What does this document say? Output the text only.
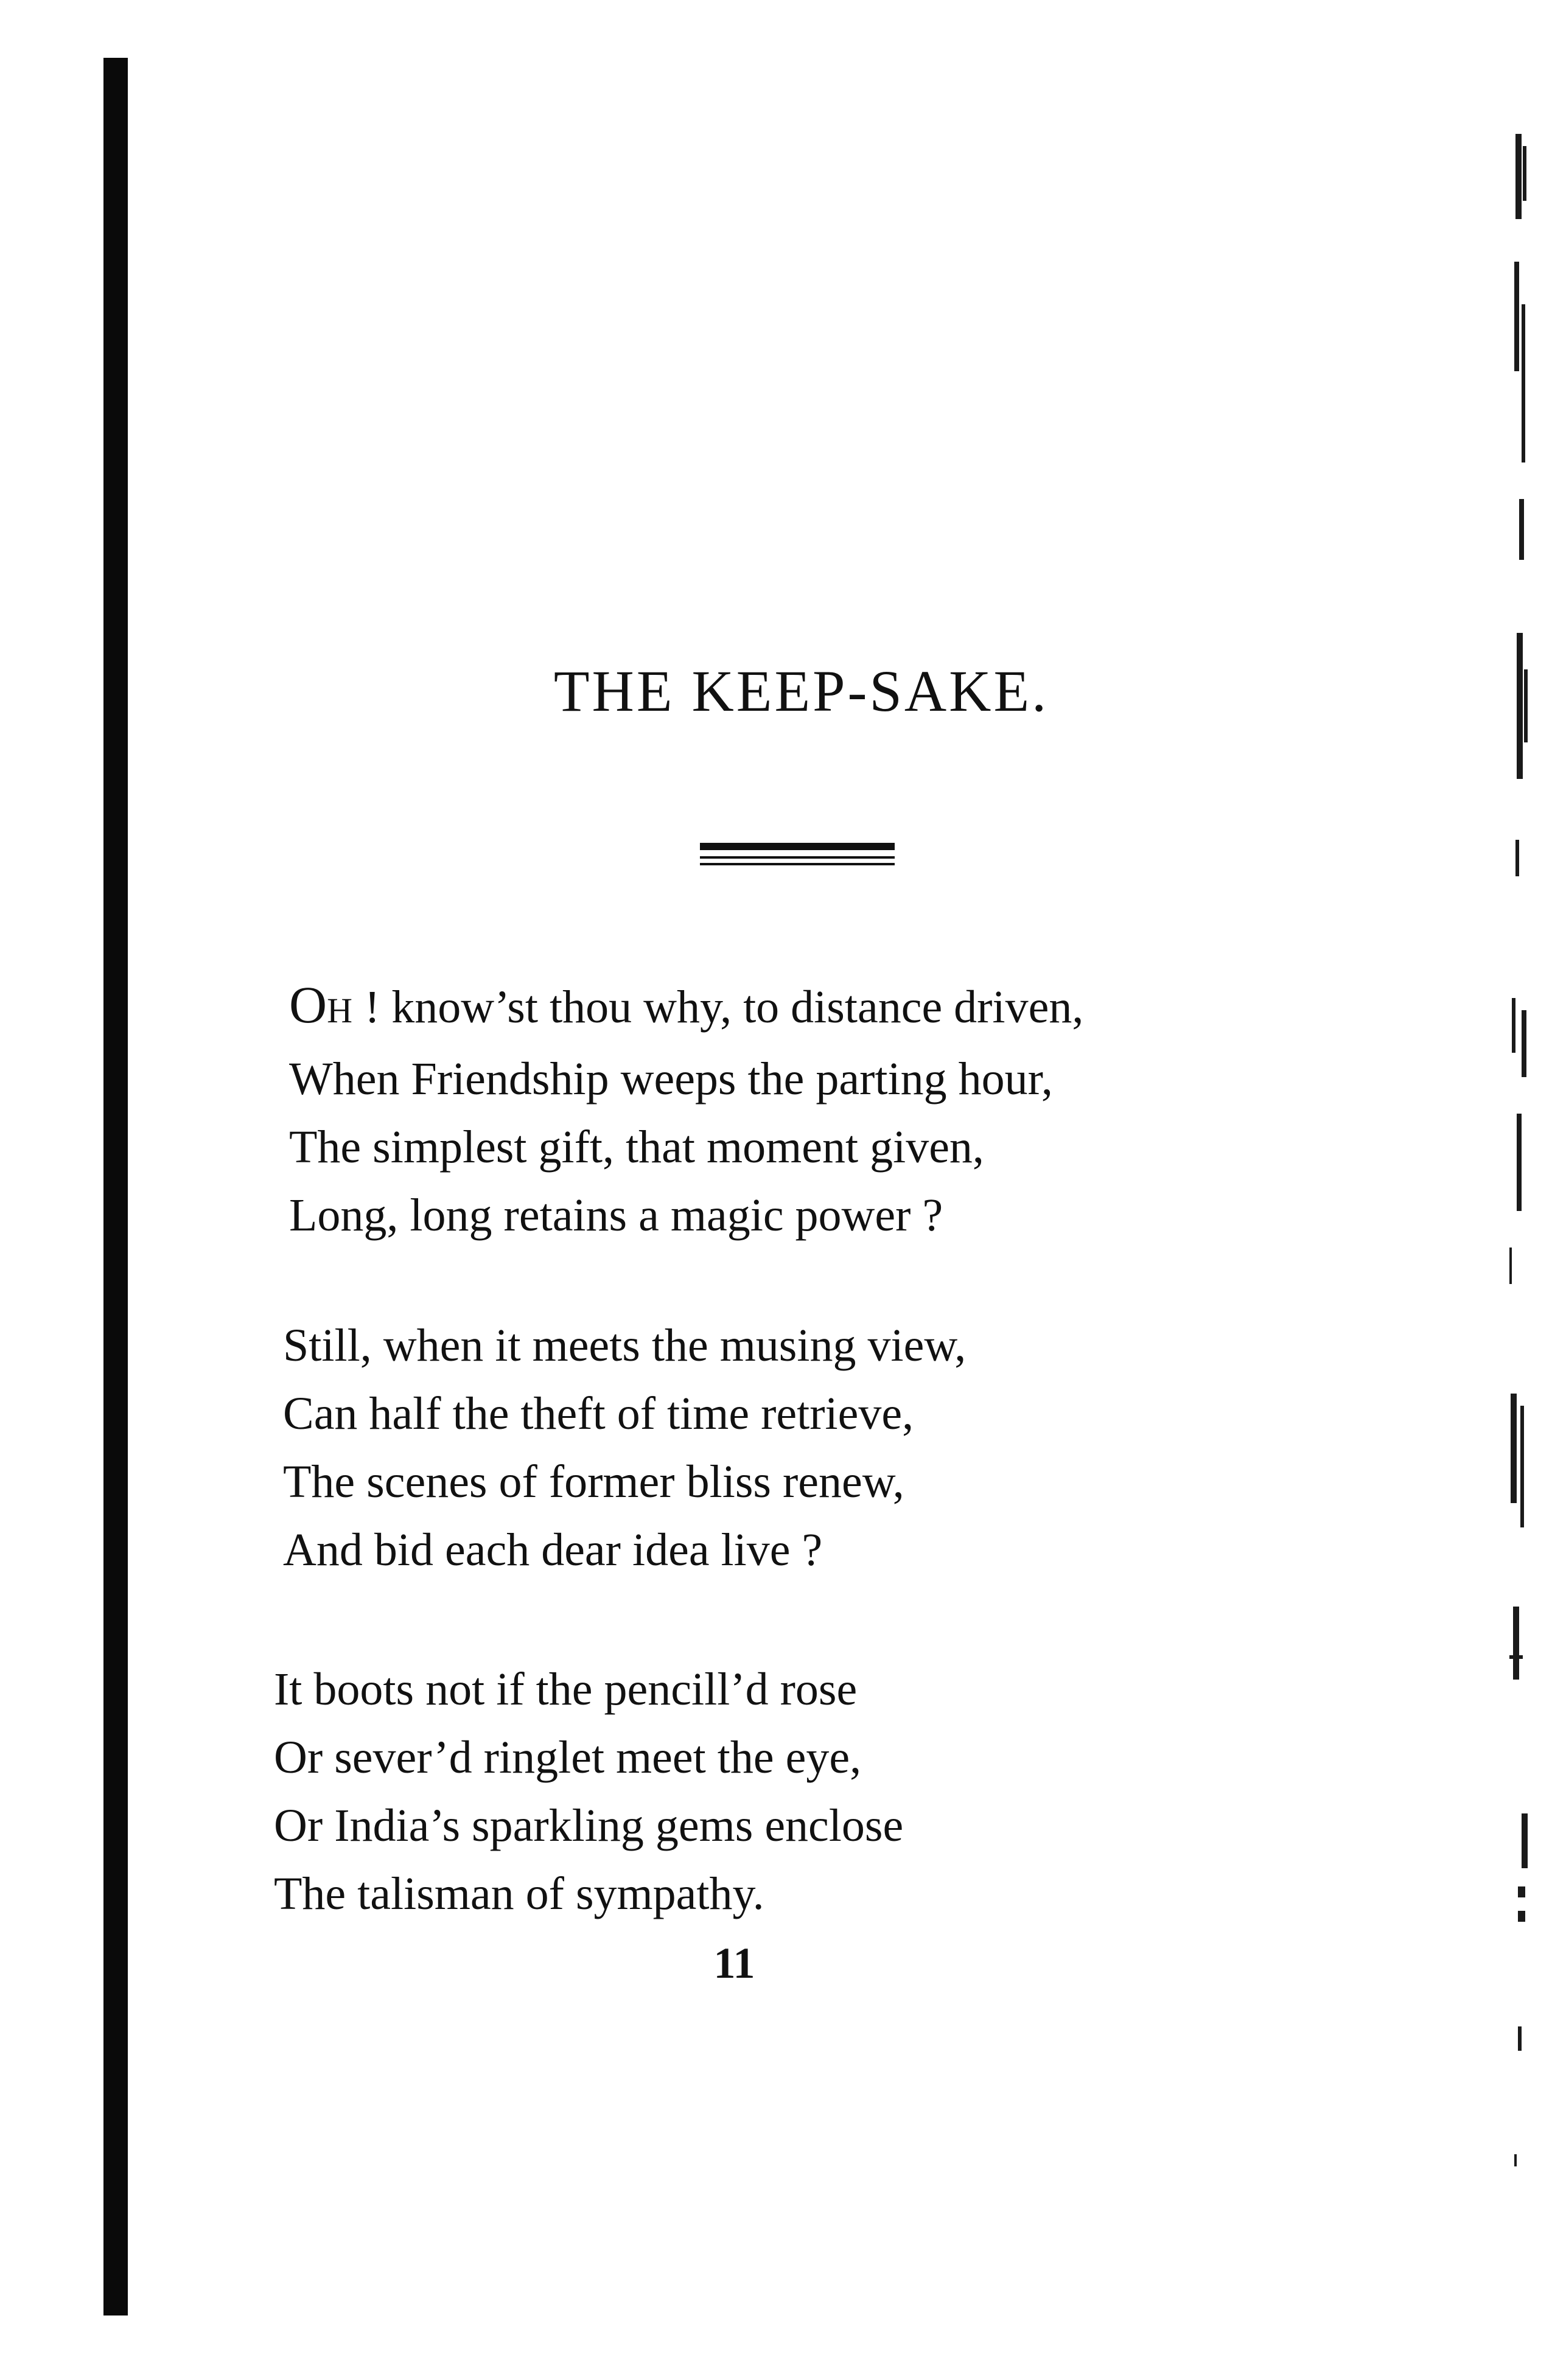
THE KEEP-SAKE.
OH ! know’st thou why, to distance driven,
When Friendship weeps the parting hour,
The simplest gift, that moment given,
Long, long retains a magic power ?
Still, when it meets the musing view,
Can half the theft of time retrieve,
The scenes of former bliss renew,
And bid each dear idea live ?
It boots not if the pencill’d rose
Or sever’d ringlet meet the eye,
Or India’s sparkling gems enclose
The talisman of sympathy.
11
